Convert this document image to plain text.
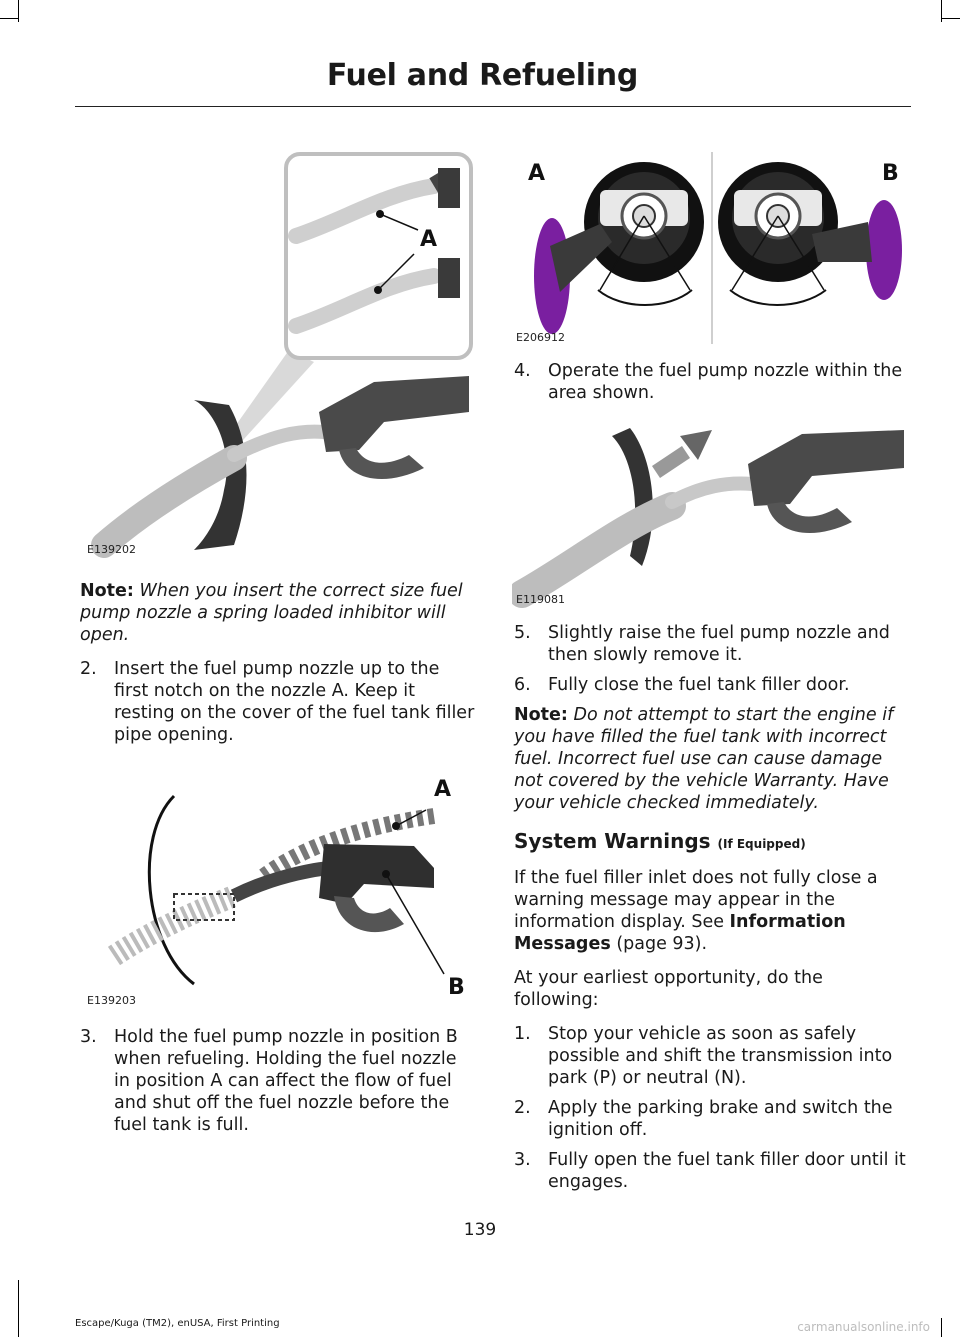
Fuel and Refueling
A
E139202

Note: When you insert the correct size fuel pump nozzle a spring loaded inhibitor will open.

2. Insert the fuel pump nozzle up to the first notch on the nozzle A. Keep it resting on the cover of the fuel tank filler pipe opening.
A
B
E139203
3. Hold the fuel pump nozzle in position B when refueling. Holding the fuel nozzle in position A can affect the flow of fuel and shut off the fuel nozzle before the fuel tank is full.
A	B
E206912
4. Operate the fuel pump nozzle within the area shown.
E119081
5. Slightly raise the fuel pump nozzle and then slowly remove it.
6. Fully close the fuel tank filler door.

Note: Do not attempt to start the engine if you have filled the fuel tank with incorrect fuel. Incorrect fuel use can cause damage not covered by the vehicle Warranty. Have your vehicle checked immediately.

System Warnings (If Equipped)

If the fuel filler inlet does not fully close a warning message may appear in the information display. See Information Messages (page 93).

At your earliest opportunity, do the following:

1. Stop your vehicle as soon as safely possible and shift the transmission into park (P) or neutral (N).
2. Apply the parking brake and switch the ignition off.
3. Fully open the fuel tank filler door until it engages.
139
Escape/Kuga (TM2), enUSA, First Printing	carmanualsonline.info
